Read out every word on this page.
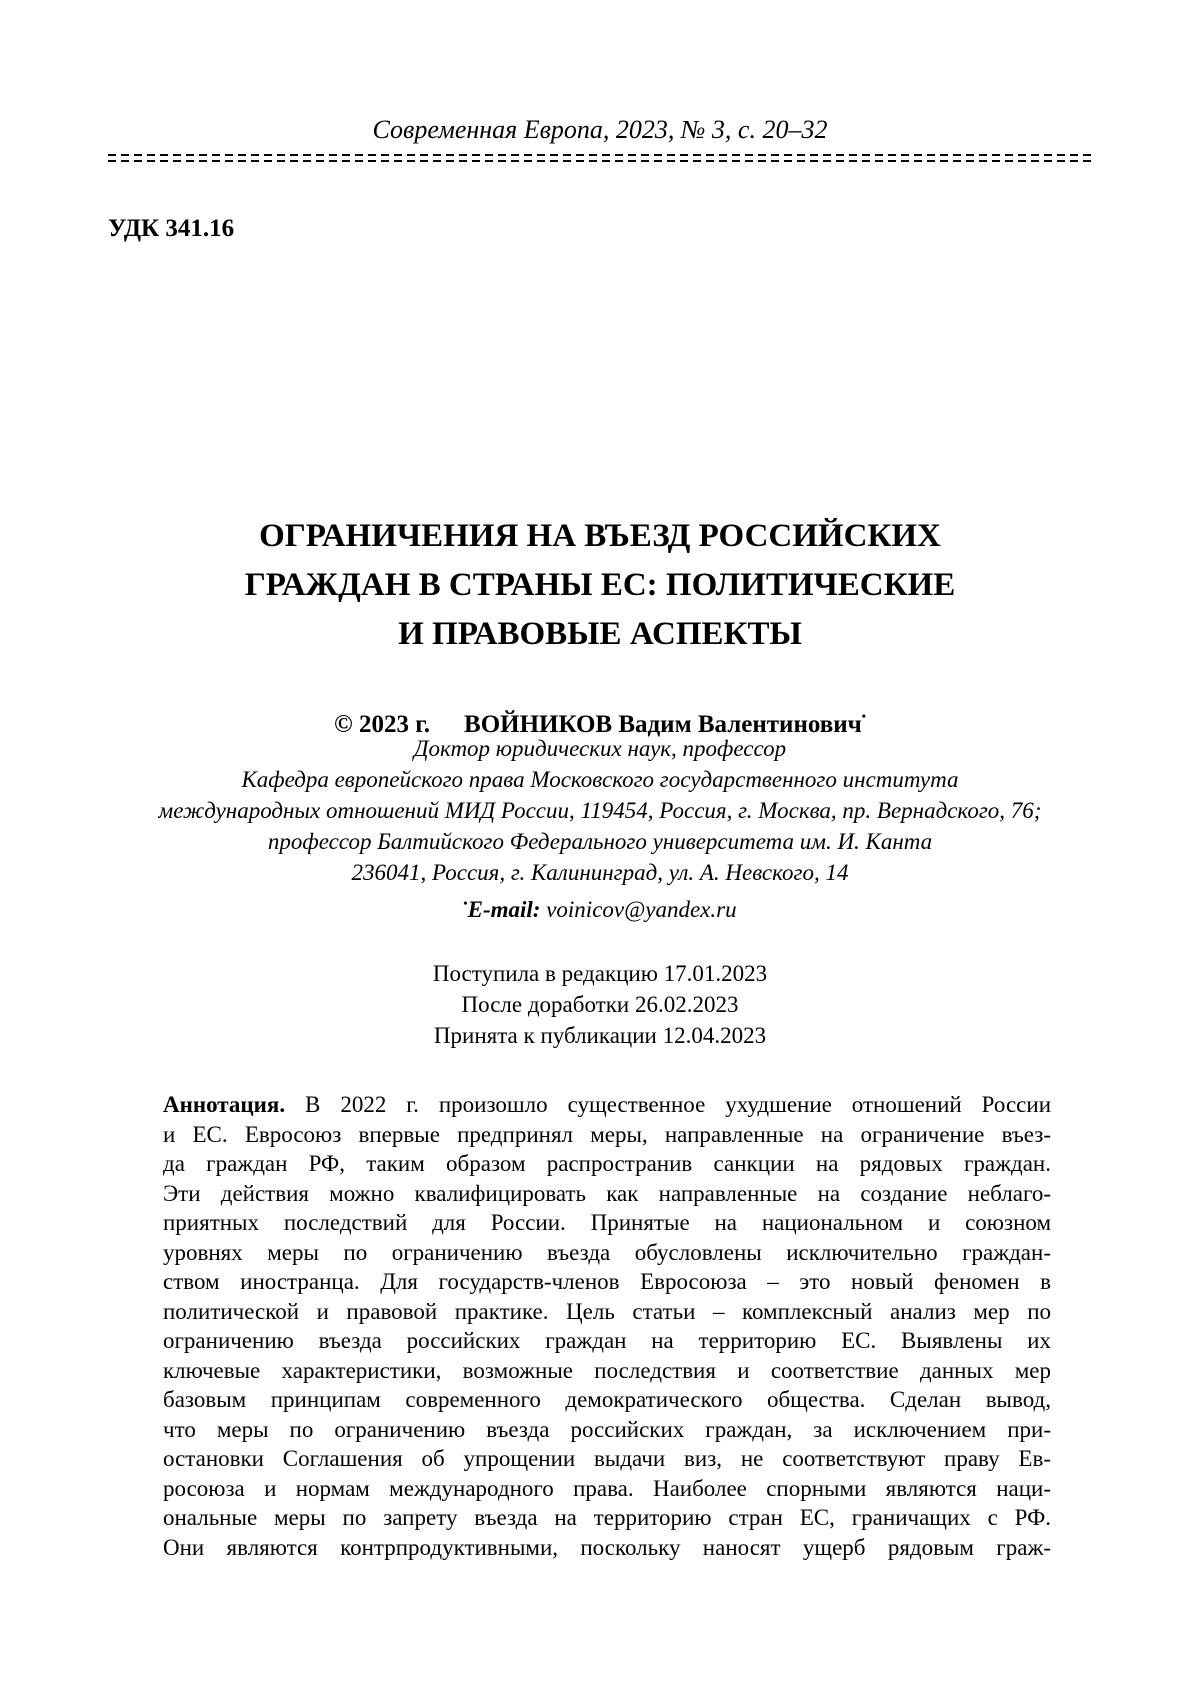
Современная Европа, 2023, № 3, с. 20–32
УДК 341.16
ОГРАНИЧЕНИЯ НА ВЪЕЗД РОССИЙСКИХ
ГРАЖДАН В СТРАНЫ ЕС: ПОЛИТИЧЕСКИЕ
И ПРАВОВЫЕ АСПЕКТЫ
© 2023 г. ВОЙНИКОВ Вадим Валентинович•
Доктор юридических наук, профессор
Кафедра европейского права Московского государственного института
международных отношений МИД России, 119454, Россия, г. Москва, пр. Вернадского, 76;
профессор Балтийского Федерального университета им. И. Канта
236041, Россия, г. Калининград, ул. А. Невского, 14
•E-mail: voinicov@yandex.ru
Поступила в редакцию 17.01.2023
После доработки 26.02.2023
Принята к публикации 12.04.2023
Аннотация. В 2022 г. произошло существенное ухудшение отношений России
и ЕС. Евросоюз впервые предпринял меры, направленные на ограничение въез-
да граждан РФ, таким образом распространив санкции на рядовых граждан.
Эти действия можно квалифицировать как направленные на создание неблаго-
приятных последствий для России. Принятые на национальном и союзном
уровнях меры по ограничению въезда обусловлены исключительно граждан-
ством иностранца. Для государств-членов Евросоюза – это новый феномен в
политической и правовой практике. Цель статьи – комплексный анализ мер по
ограничению въезда российских граждан на территорию ЕС. Выявлены их
ключевые характеристики, возможные последствия и соответствие данных мер
базовым принципам современного демократического общества. Сделан вывод,
что меры по ограничению въезда российских граждан, за исключением при-
остановки Соглашения об упрощении выдачи виз, не соответствуют праву Ев-
росоюза и нормам международного права. Наиболее спорными являются наци-
ональные меры по запрету въезда на территорию стран ЕС, граничащих с РФ.
Они являются контрпродуктивными, поскольку наносят ущерб рядовым граж-
